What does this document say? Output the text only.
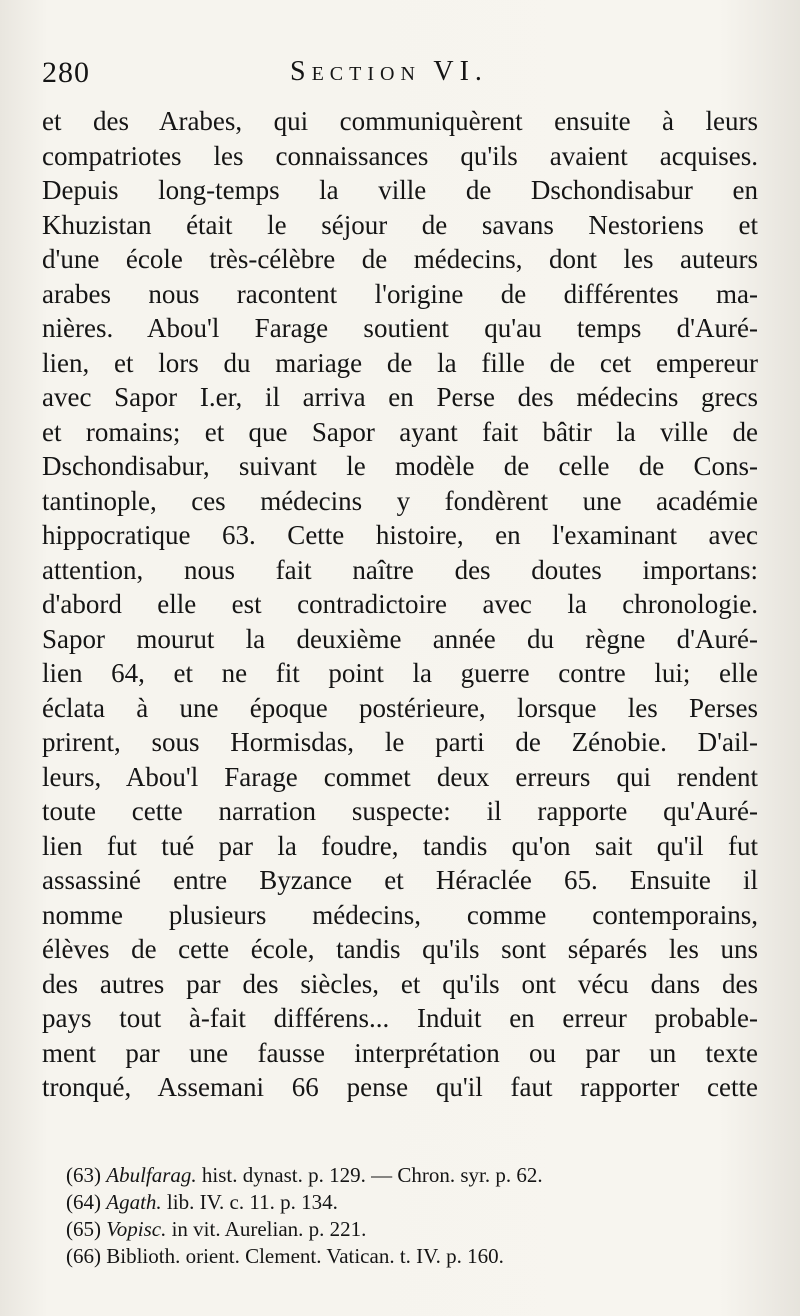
280	Section VI.
et des Arabes, qui communiquèrent ensuite à leurs
compatriotes les connaissances qu'ils avaient acquises.
Depuis long-temps la ville de Dschondisabur en
Khuzistan était le séjour de savans Nestoriens et
d'une école très-célèbre de médecins, dont les auteurs
arabes nous racontent l'origine de différentes ma-
nières. Abou'l Farage soutient qu'au temps d'Auré-
lien, et lors du mariage de la fille de cet empereur
avec Sapor I.er, il arriva en Perse des médecins grecs
et romains; et que Sapor ayant fait bâtir la ville de
Dschondisabur, suivant le modèle de celle de Cons-
tantinople, ces médecins y fondèrent une académie
hippocratique 63. Cette histoire, en l'examinant avec
attention, nous fait naître des doutes importans:
d'abord elle est contradictoire avec la chronologie.
Sapor mourut la deuxième année du règne d'Auré-
lien 64, et ne fit point la guerre contre lui; elle
éclata à une époque postérieure, lorsque les Perses
prirent, sous Hormisdas, le parti de Zénobie. D'ail-
leurs, Abou'l Farage commet deux erreurs qui rendent
toute cette narration suspecte: il rapporte qu'Auré-
lien fut tué par la foudre, tandis qu'on sait qu'il fut
assassiné entre Byzance et Héraclée 65. Ensuite il
nomme plusieurs médecins, comme contemporains,
élèves de cette école, tandis qu'ils sont séparés les uns
des autres par des siècles, et qu'ils ont vécu dans des
pays tout à-fait différens... Induit en erreur probable-
ment par une fausse interprétation ou par un texte
tronqué, Assemani 66 pense qu'il faut rapporter cette
(63) Abulfarag. hist. dynast. p. 129. — Chron. syr. p. 62.
(64) Agath. lib. IV. c. 11. p. 134.
(65) Vopisc. in vit. Aurelian. p. 221.
(66) Biblioth. orient. Clement. Vatican. t. IV. p. 160.
